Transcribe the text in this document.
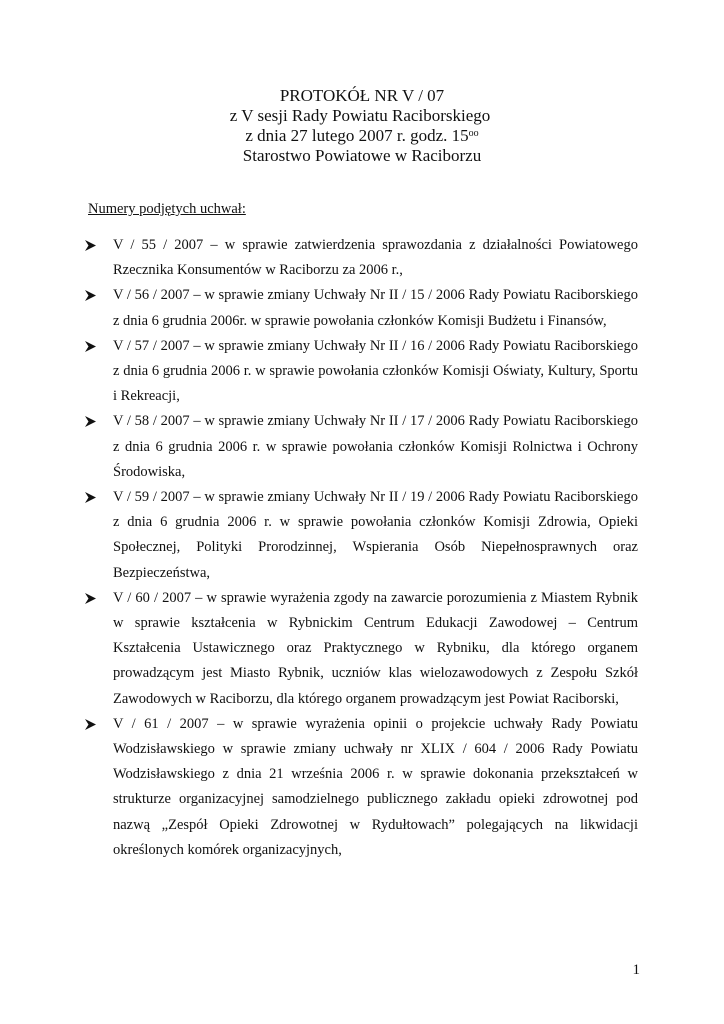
PROTOKÓŁ NR V / 07
z V sesji Rady Powiatu Raciborskiego
z dnia 27 lutego 2007 r. godz. $15^{oo}$
Starostwo Powiatowe w Raciborzu
Numery podjętych uchwał:
V / 55 / 2007 – w sprawie zatwierdzenia sprawozdania z działalności Powiatowego Rzecznika Konsumentów w Raciborzu za 2006 r.,
V / 56 / 2007 – w sprawie zmiany Uchwały Nr II / 15 / 2006 Rady Powiatu Raciborskiego z dnia 6 grudnia 2006r. w sprawie powołania członków Komisji Budżetu i Finansów,
V / 57 / 2007 – w sprawie zmiany Uchwały Nr II / 16 / 2006 Rady Powiatu Raciborskiego z dnia 6 grudnia 2006 r. w sprawie powołania członków Komisji Oświaty, Kultury, Sportu i Rekreacji,
V / 58 / 2007 – w sprawie zmiany Uchwały Nr II / 17 / 2006 Rady Powiatu Raciborskiego z dnia 6 grudnia 2006 r. w sprawie powołania członków Komisji Rolnictwa i Ochrony Środowiska,
V / 59 / 2007 – w sprawie zmiany Uchwały Nr II / 19 / 2006 Rady Powiatu Raciborskiego z dnia 6 grudnia 2006 r. w sprawie powołania członków Komisji Zdrowia, Opieki Społecznej, Polityki Prorodzinnej, Wspierania Osób Niepełnosprawnych oraz Bezpieczeństwa,
V / 60 / 2007 – w sprawie wyrażenia zgody na zawarcie porozumienia z Miastem Rybnik w sprawie kształcenia w Rybnickim Centrum Edukacji Zawodowej – Centrum Kształcenia Ustawicznego oraz Praktycznego w Rybniku, dla którego organem prowadzącym jest Miasto Rybnik, uczniów klas wielozawodowych z Zespołu Szkół Zawodowych w Raciborzu, dla którego organem prowadzącym jest Powiat Raciborski,
V / 61 / 2007 – w sprawie wyrażenia opinii o projekcie uchwały Rady Powiatu Wodzisławskiego w sprawie zmiany uchwały nr XLIX / 604 / 2006 Rady Powiatu Wodzisławskiego z dnia 21 września 2006 r. w sprawie dokonania przekształceń w strukturze organizacyjnej samodzielnego publicznego zakładu opieki zdrowotnej pod nazwą „Zespół Opieki Zdrowotnej w Rydułtowach” polegających na likwidacji określonych komórek organizacyjnych,
1
